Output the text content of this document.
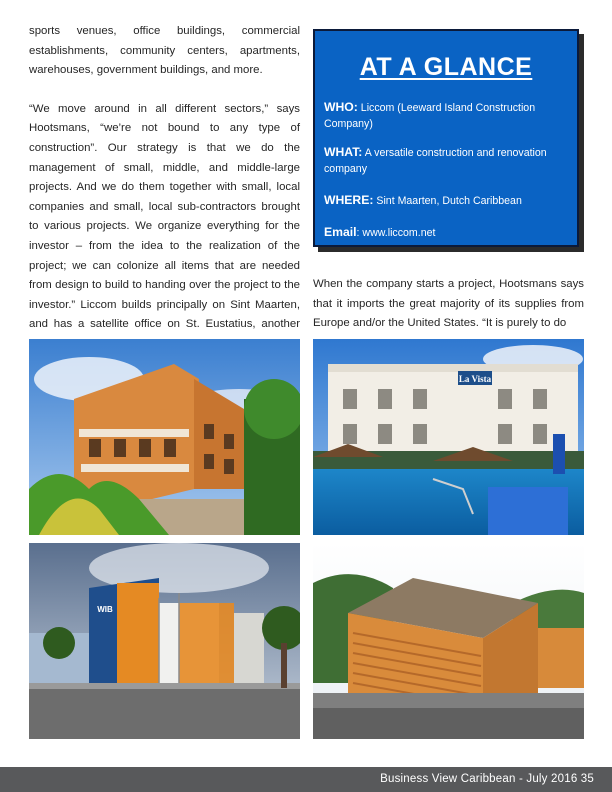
sports venues, office buildings, commercial establishments, community centers, apartments, warehouses, government buildings, and more.

“We move around in all different sectors,” says Hootsmans, “we’re not bound to any type of construction”. Our strategy is that we do the management of small, middle, and middle-large projects. And we do them together with small, local companies and small, local sub-contractors brought to various projects. We organize everything for the investor – from the idea to the realization of the project; we can colonize all items that are needed from design to build to handing over the project to the investor.” Liccom builds principally on Sint Maarten, and has a satellite office on St. Eustatius, another

AT A GLANCE
WHO: Liccom (Leeward Island Construction Company)
WHAT: A versatile construction and renovation company
WHERE: Sint Maarten, Dutch Caribbean
Email: www.liccom.net

When the company starts a project, Hootsmans says that it imports the great majority of its supplies from Europe and/or the United States. “It is purely to do

La Vista
WIB
Business View Caribbean - July 2016 35
